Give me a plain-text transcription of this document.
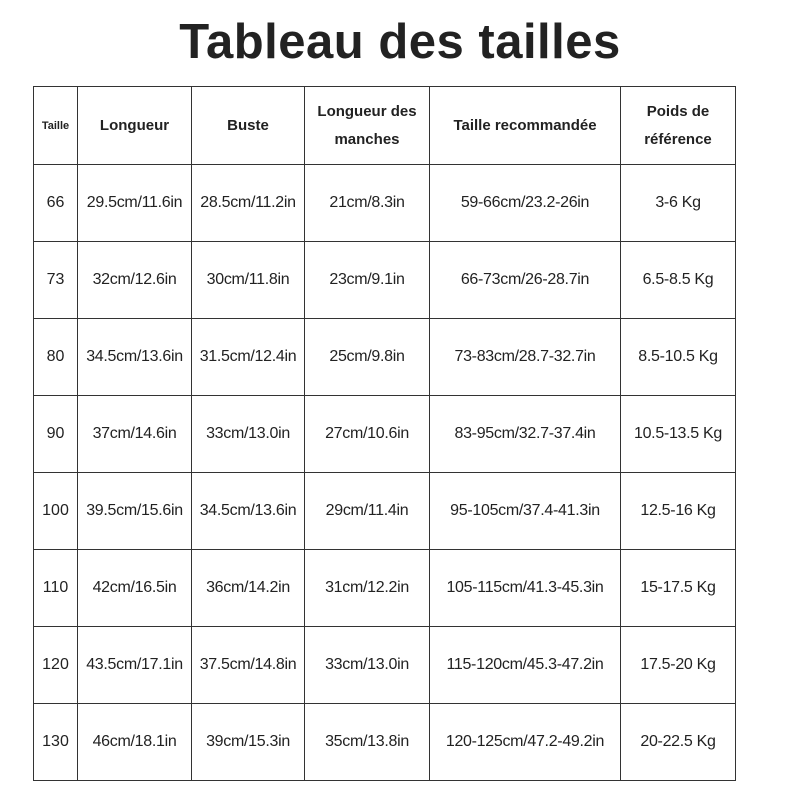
Tableau des tailles
Taille	Longueur	Buste	Longueur des manches	Taille recommandée	Poids de référence
66	29.5cm/11.6in	28.5cm/11.2in	21cm/8.3in	59-66cm/23.2-26in	3-6 Kg
73	32cm/12.6in	30cm/11.8in	23cm/9.1in	66-73cm/26-28.7in	6.5-8.5 Kg
80	34.5cm/13.6in	31.5cm/12.4in	25cm/9.8in	73-83cm/28.7-32.7in	8.5-10.5 Kg
90	37cm/14.6in	33cm/13.0in	27cm/10.6in	83-95cm/32.7-37.4in	10.5-13.5 Kg
100	39.5cm/15.6in	34.5cm/13.6in	29cm/11.4in	95-105cm/37.4-41.3in	12.5-16 Kg
110	42cm/16.5in	36cm/14.2in	31cm/12.2in	105-115cm/41.3-45.3in	15-17.5 Kg
120	43.5cm/17.1in	37.5cm/14.8in	33cm/13.0in	115-120cm/45.3-47.2in	17.5-20 Kg
130	46cm/18.1in	39cm/15.3in	35cm/13.8in	120-125cm/47.2-49.2in	20-22.5 Kg
